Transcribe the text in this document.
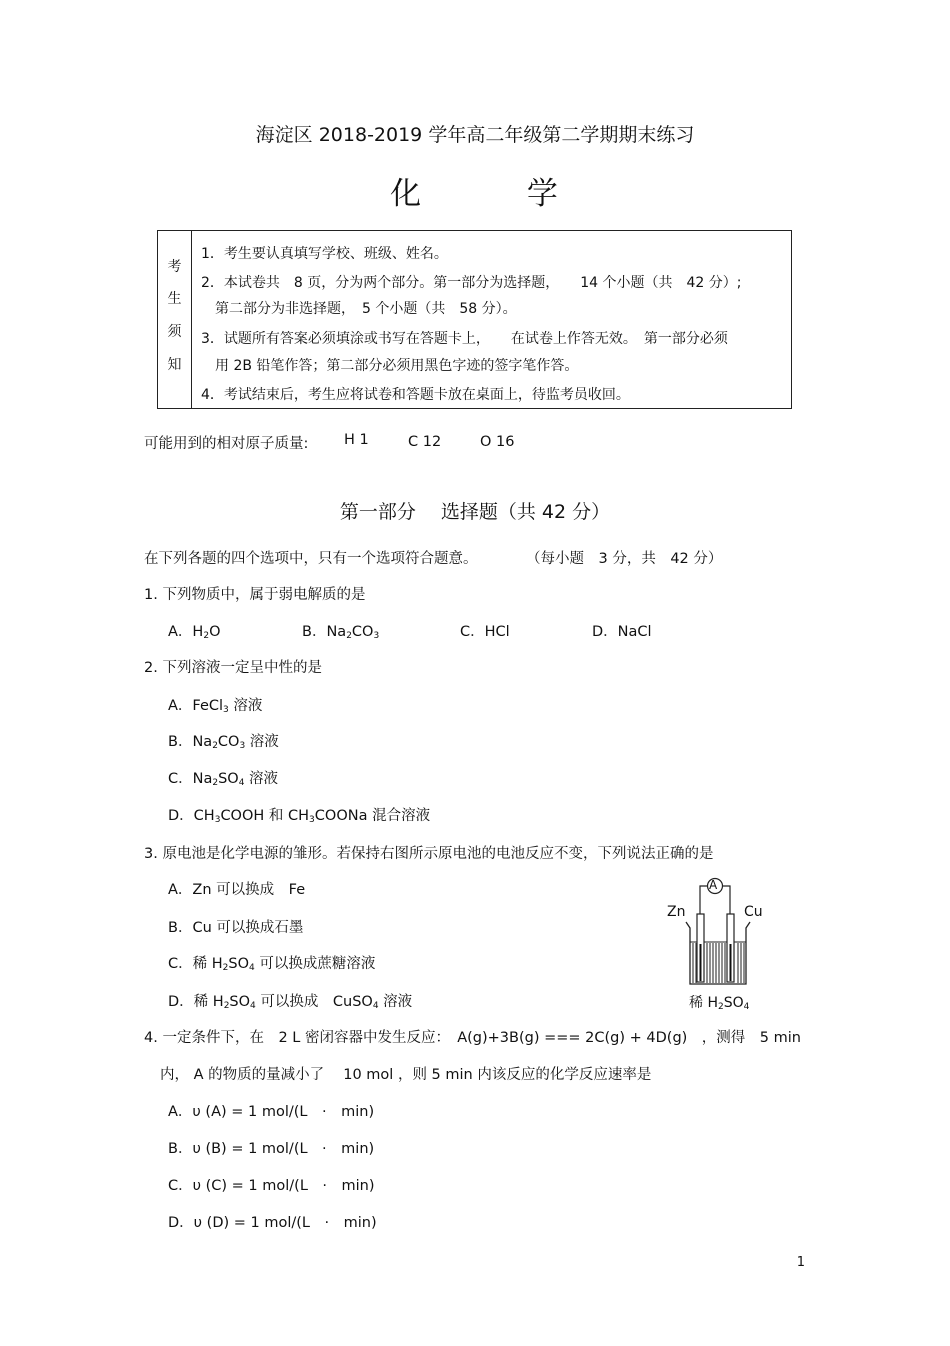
海淀区 2018-2019 学年高二年级第二学期期末练习
化	学
考
生
须
知
1．考生要认真填写学校、班级、姓名。
2．本试卷共　8 页，分为两个部分。第一部分为选择题，　　14 个小题（共　42 分）;
　第二部分为非选择题，　5 个小题（共　58 分）。
3．试题所有答案必须填涂或书写在答题卡上，　　在试卷上作答无效。　第一部分必须
　用 2B 铅笔作答；第二部分必须用黑色字迹的签字笔作答。
4．考试结束后，考生应将试卷和答题卡放在桌面上，待监考员收回。
可能用到的相对原子质量: H 1	C 12	O 16
第一部分　 选择题（共 42 分）
在下列各题的四个选项中，只有一个选项符合题意。	（每小题　3 分，共　42 分）
1. 下列物质中，属于弱电解质的是
A．$H_2O$	B．$Na_2CO_3$	C．HCl	D．NaCl
2. 下列溶液一定呈中性的是
A．FeCl$_3$ 溶液
B．$Na_2CO_3$ 溶液
C．$Na_2SO_4$ 溶液
D．$CH_3COOH$ 和 $CH_3COONa$ 混合溶液
3. 原电池是化学电源的雏形。若保持右图所示原电池的电池反应不变，下列说法正确的是
A．Zn 可以换成　Fe
B．Cu 可以换成石墨
C．稀 $H_2SO_4$ 可以换成蔗糖溶液
D．稀 $H_2SO_4$ 可以换成　CuSO$_4$ 溶液
A
Zn	Cu
稀 $H_2SO_4$
4. 一定条件下，在　2 L 密闭容器中发生反应：　A(g)+3B(g) === 2C(g) + 4D(g)　，测得　5 min
内， A 的物质的量减小了　 10 mol ，则 5 min 内该反应的化学反应速率是
A．υ (A) = 1 mol/(L　·　min)
B．υ (B) = 1 mol/(L　·　min)
C．υ (C) = 1 mol/(L　·　min)
D．υ (D) = 1 mol/(L　·　min)
1
